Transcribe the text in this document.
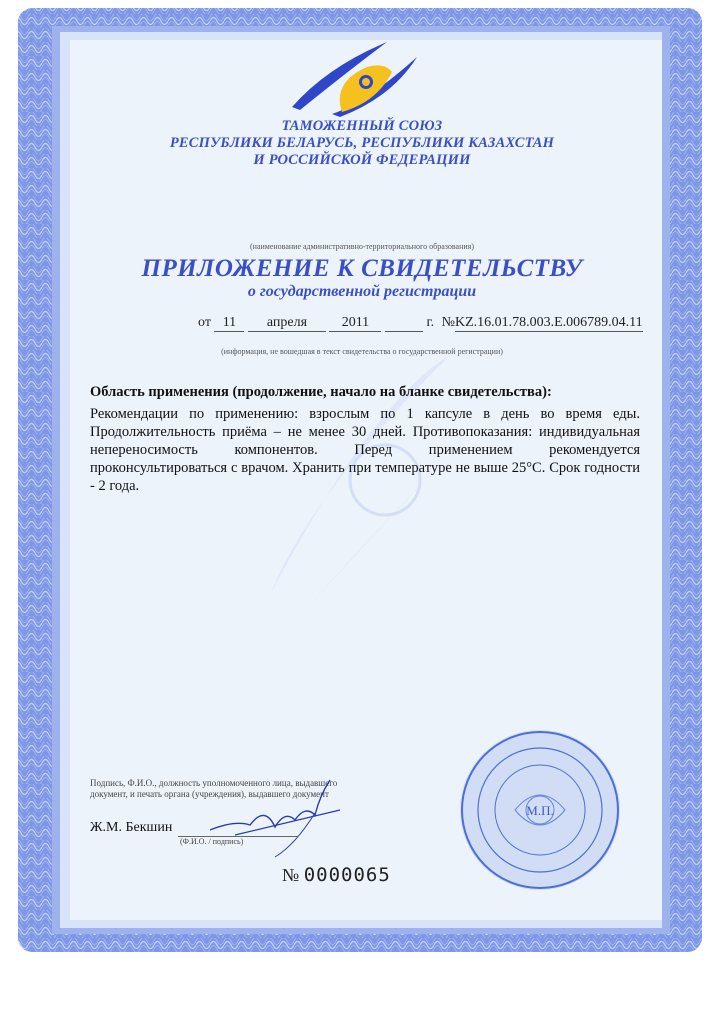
ТАМОЖЕННЫЙ СОЮЗ
РЕСПУБЛИКИ БЕЛАРУСЬ, РЕСПУБЛИКИ КАЗАХСТАН
И РОССИЙСКОЙ ФЕДЕРАЦИИ
(наименование административно-территориального образования)
ПРИЛОЖЕНИЕ К СВИДЕТЕЛЬСТВУ
о государственной регистрации
от 11 апреля 2011	г. №KZ.16.01.78.003.E.006789.04.11
(информация, не вошедшая в текст свидетельства о государственной регистрации)
Область применения (продолжение, начало на бланке свидетельства):
Рекомендации по применению: взрослым по 1 капсуле в день во время еды. Продолжительность приёма – не менее 30 дней. Противопоказания: индивидуальная непереносимость компонентов. Перед применением рекомендуется проконсультироваться с врачом. Хранить при температуре не выше 25°С. Срок годности - 2 года.
Подпись, Ф.И.О., должность уполномоченного лица, выдавшего документ, и печать органа (учреждения), выдавшего документ
Ж.М. Бекшин
(Ф.И.О. / подпись)
№ 0000065
М.П.
